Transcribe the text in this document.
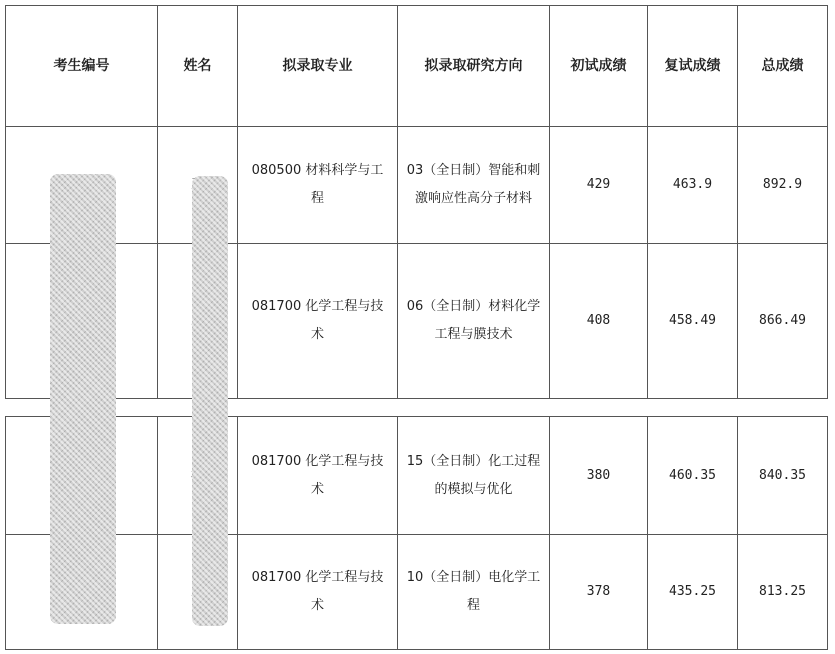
考生编号	姓名	拟录取专业	拟录取研究方向	初试成绩	复试成绩	总成绩
		080500 材料科学与工程	03（全日制）智能和刺激响应性高分子材料	429	463.9	892.9
		081700 化学工程与技术	06（全日制）材料化学工程与膜技术	408	458.49	866.49
		081700 化学工程与技术	15（全日制）化工过程的模拟与优化	380	460.35	840.35
		081700 化学工程与技术	10（全日制）电化学工程	378	435.25	813.25
